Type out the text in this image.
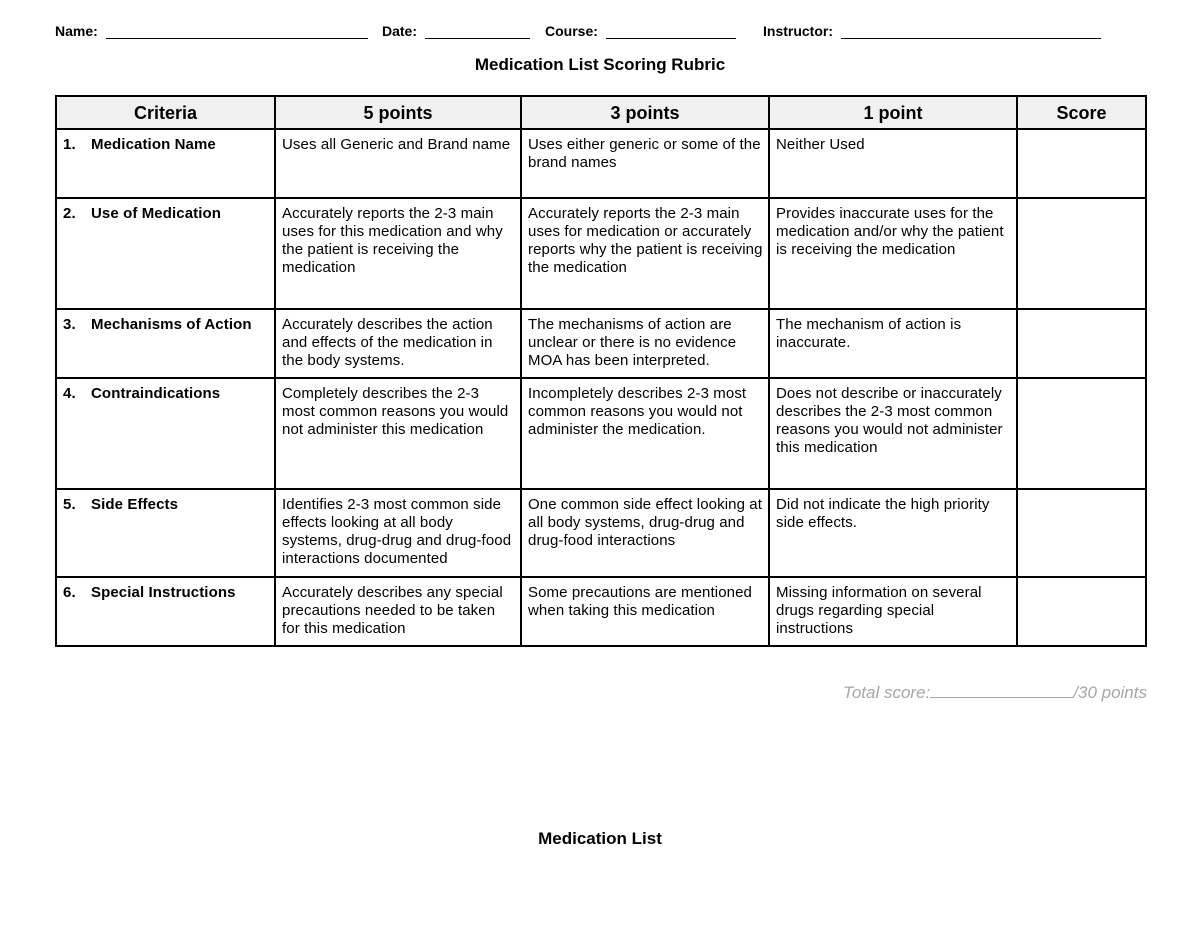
Name:	Date:	Course:	Instructor:
Medication List Scoring Rubric
Criteria	5 points	3 points	1 point	Score
1. Medication Name	Uses all Generic and Brand name	Uses either generic or some of the brand names	Neither Used	
2. Use of Medication	Accurately reports the 2-3 main uses for this medication and why the patient is receiving the medication	Accurately reports the 2-3 main uses for medication or accurately reports why the patient is receiving the medication	Provides inaccurate uses for the medication and/or why the patient is receiving the medication	
3. Mechanisms of Action	Accurately describes the action and effects of the medication in the body systems.	The mechanisms of action are unclear or there is no evidence MOA has been interpreted.	The mechanism of action is inaccurate.	
4. Contraindications	Completely describes the 2-3 most common reasons you would not administer this medication	Incompletely describes 2-3 most common reasons you would not administer the medication.	Does not describe or inaccurately describes the 2-3 most common reasons you would not administer this medication	
5. Side Effects	Identifies 2-3 most common side effects looking at all body systems, drug-drug and drug-food interactions documented	One common side effect looking at all body systems, drug-drug and drug-food interactions	Did not indicate the high priority side effects.	
6. Special Instructions	Accurately describes any special precautions needed to be taken for this medication	Some precautions are mentioned when taking this medication	Missing information on several drugs regarding special instructions	
Total score:	/30 points
Medication List
